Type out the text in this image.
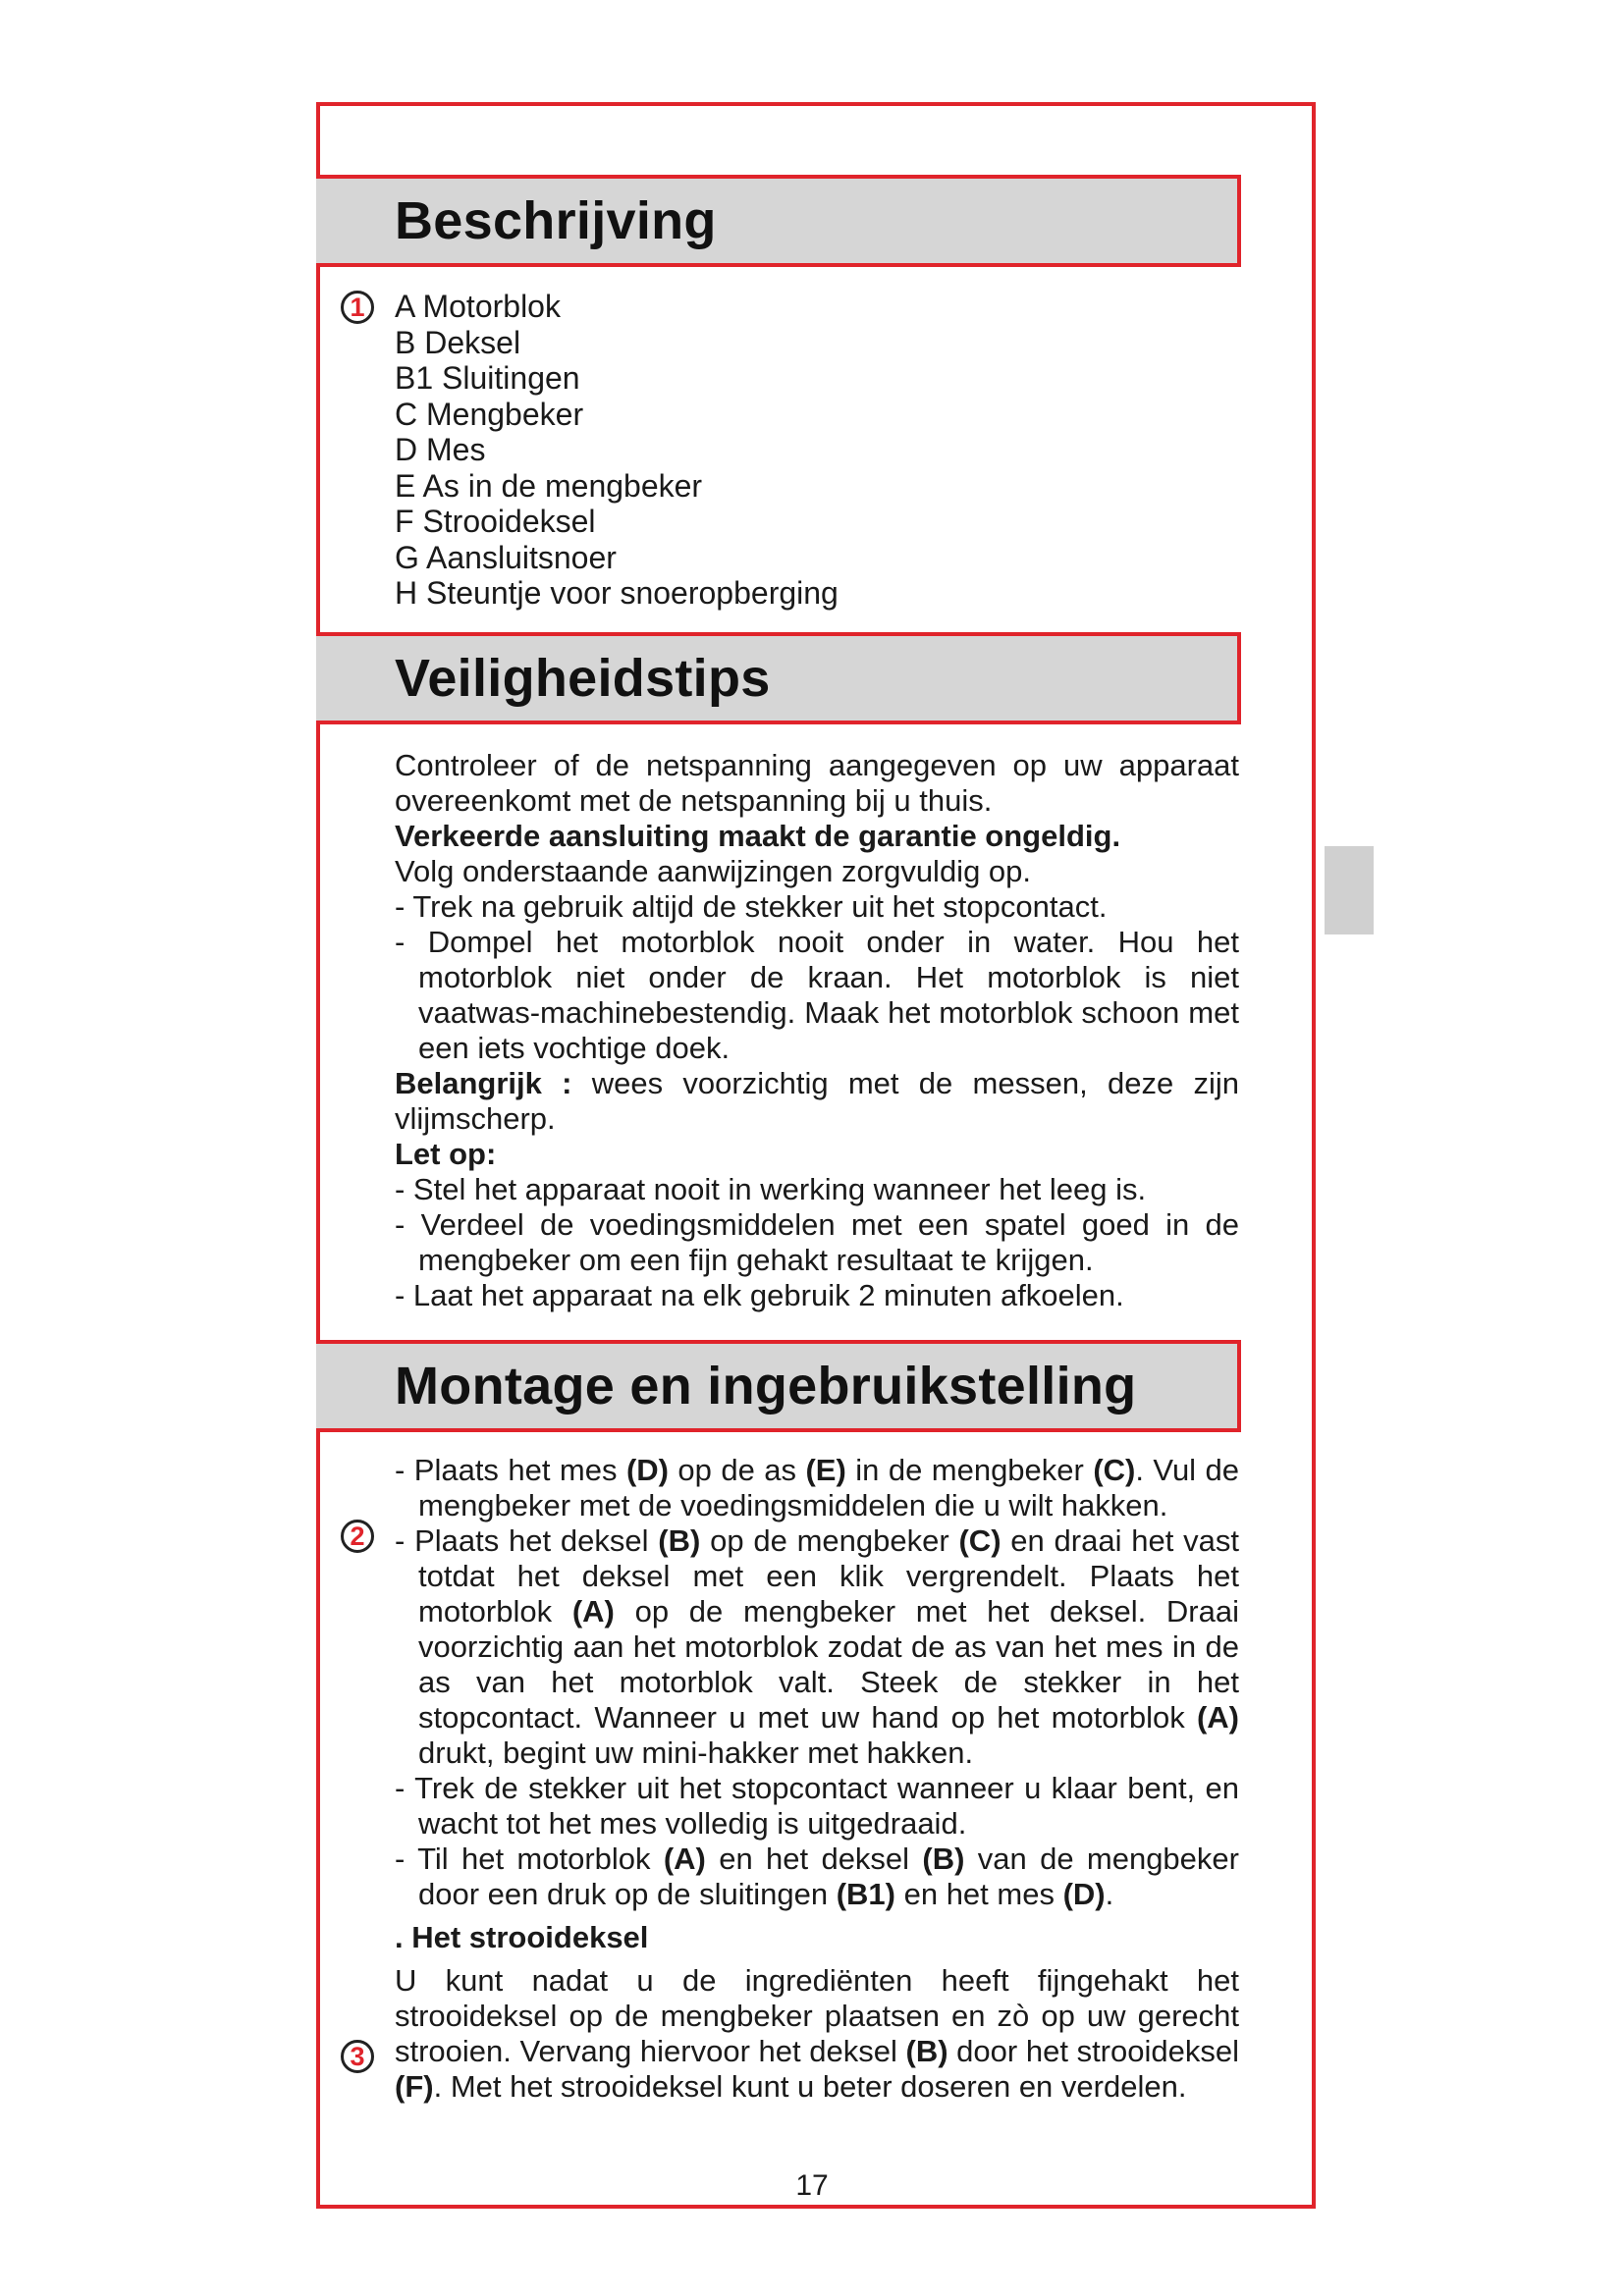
Beschrijving
1 A Motorblok
B Deksel
B1 Sluitingen
C Mengbeker
D Mes
E As in de mengbeker
F Strooideksel
G Aansluitsnoer
H Steuntje voor snoeropberging
Veiligheidstips

Controleer of de netspanning aangegeven op uw apparaat overeenkomt met de netspanning bij u thuis.

Verkeerde aansluiting maakt de garantie ongeldig.

Volg onderstaande aanwijzingen zorgvuldig op.

- Trek na gebruik altijd de stekker uit het stopcontact.

- Dompel het motorblok nooit onder in water. Hou het motorblok niet onder de kraan. Het motorblok is niet vaatwas-machinebestendig. Maak het motorblok schoon met een iets vochtige doek.

Belangrijk : wees voorzichtig met de messen, deze zijn vlijmscherp.

Let op:

- Stel het apparaat nooit in werking wanneer het leeg is.

- Verdeel de voedingsmiddelen met een spatel goed in de mengbeker om een fijn gehakt resultaat te krijgen.

- Laat het apparaat na elk gebruik 2 minuten afkoelen.

Montage en ingebruikstelling
2
3

- Plaats het mes (D) op de as (E) in de mengbeker (C). Vul de mengbeker met de voedingsmiddelen die u wilt hakken.

- Plaats het deksel (B) op de mengbeker (C) en draai het vast totdat het deksel met een klik vergrendelt. Plaats het motorblok (A) op de mengbeker met het deksel. Draai voorzichtig aan het motorblok zodat de as van het mes in de as van het motorblok valt. Steek de stekker in het stopcontact. Wanneer u met uw hand op het motorblok (A) drukt, begint uw mini-hakker met hakken.

- Trek de stekker uit het stopcontact wanneer u klaar bent, en wacht tot het mes volledig is uitgedraaid.

- Til het motorblok (A) en het deksel (B) van de mengbeker door een druk op de sluitingen (B1) en het mes (D).

. Het strooideksel

U kunt nadat u de ingrediënten heeft fijngehakt het strooideksel op de mengbeker plaatsen en zò op uw gerecht strooien. Vervang hiervoor het deksel (B) door het strooideksel (F). Met het strooideksel kunt u beter doseren en verdelen.

17
